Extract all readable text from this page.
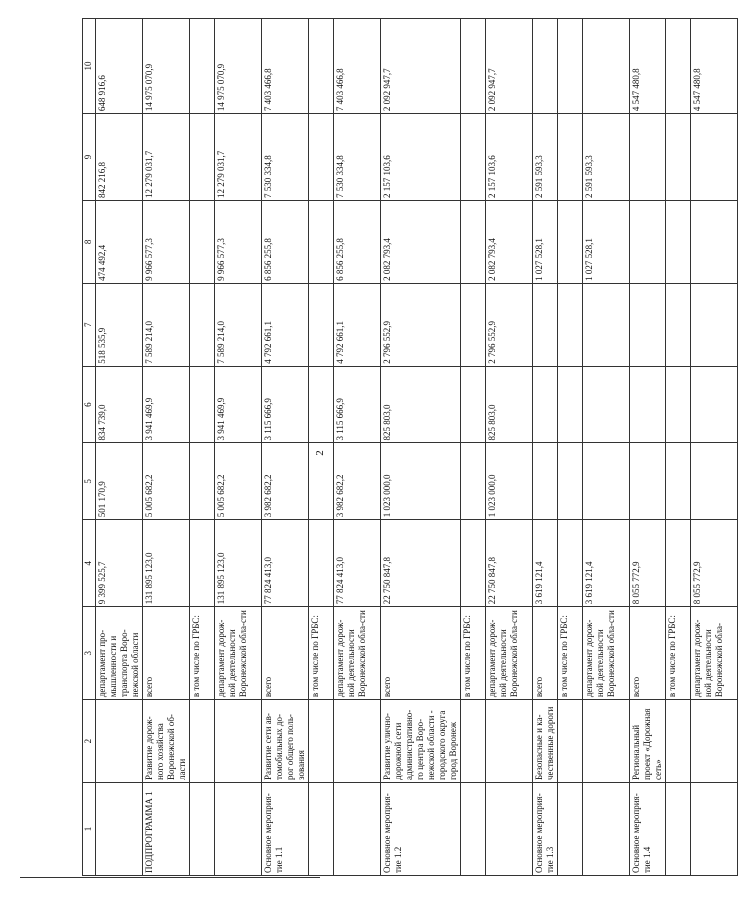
2
1	2	3	4	5	6	7	8	9	10
		департамент про-мышленности и транспорта Воро-нежской области	9 399 525,7	501 170,9	834 739,0	518 535,9	474 492,4	842 216,8	648 916,6
ПОДПРОГРАММА 1	Развитие дорож-ного хозяйства Воронежской об-ласти	всего	131 895 123,0	5 005 682,2	3 941 469,9	7 589 214,0	9 966 577,3	12 279 031,7	14 975 070,9
		в том числе по ГРБС:							
		департамент дорож-ной деятельности Воронежской обла-сти	131 895 123,0	5 005 682,2	3 941 469,9	7 589 214,0	9 966 577,3	12 279 031,7	14 975 070,9
Основное мероприя-тие 1.1	Развитие сети ав-томобильных до-рог общего поль-зования	всего	77 824 413,0	3 982 682,2	3 115 666,9	4 792 661,1	6 856 255,8	7 530 334,8	7 403 466,8
		в том числе по ГРБС:							
		департамент дорож-ной деятельности Воронежской обла-сти	77 824 413,0	3 982 682,2	3 115 666,9	4 792 661,1	6 856 255,8	7 530 334,8	7 403 466,8
Основное мероприя-тие 1.2	Развитие улично-дорожной сети административно-го центра Воро-нежской области - городского округа город Воронеж	всего	22 750 847,8	1 023 000,0	825 803,0	2 796 552,9	2 082 793,4	2 157 103,6	2 092 947,7
		в том числе по ГРБС:							
		департамент дорож-ной деятельности Воронежской обла-сти	22 750 847,8	1 023 000,0	825 803,0	2 796 552,9	2 082 793,4	2 157 103,6	2 092 947,7
Основное мероприя-тие 1.3	Безопасные и ка-чественные дороги	всего	3 619 121,4				1 027 528,1	2 591 593,3	
		в том числе по ГРБС:							
		департамент дорож-ной деятельности Воронежской обла-сти	3 619 121,4				1 027 528,1	2 591 593,3	
Основное мероприя-тие 1.4	Региональный проект «Дорожная сеть»	всего	8 055 772,9						4 547 480,8
		в том числе по ГРБС:							
		департамент дорож-ной деятельности Воронежской обла-	8 055 772,9						4 547 480,8
